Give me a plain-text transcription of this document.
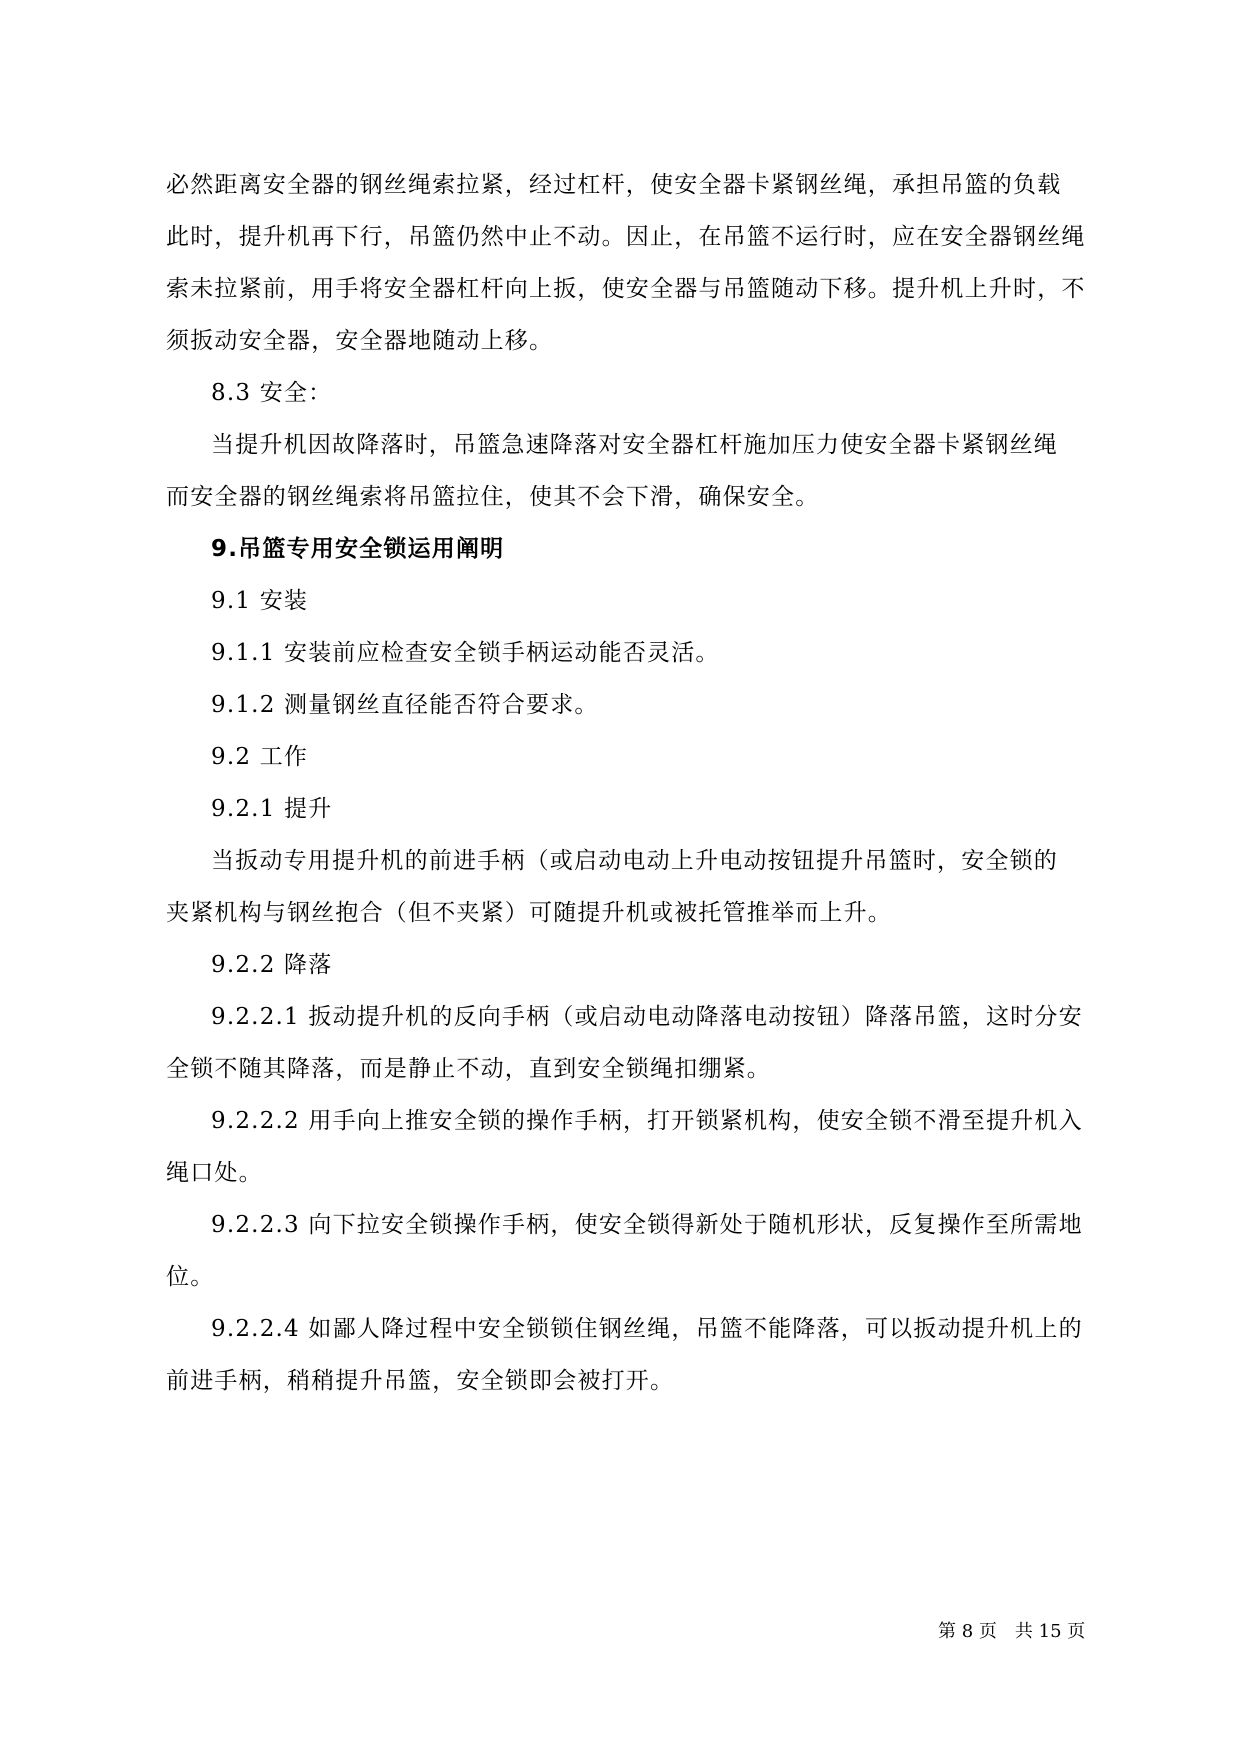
必然距离安全器的钢丝绳索拉紧，经过杠杆，使安全器卡紧钢丝绳，承担吊篮的负载
此时，提升机再下行，吊篮仍然中止不动。因止，在吊篮不运行时，应在安全器钢丝绳
索未拉紧前，用手将安全器杠杆向上扳，使安全器与吊篮随动下移。提升机上升时，不
须扳动安全器，安全器地随动上移。
8.3 安全：
当提升机因故降落时，吊篮急速降落对安全器杠杆施加压力使安全器卡紧钢丝绳
而安全器的钢丝绳索将吊篮拉住，使其不会下滑，确保安全。
9.吊篮专用安全锁运用阐明
9.1 安装
9.1.1 安装前应检查安全锁手柄运动能否灵活。
9.1.2 测量钢丝直径能否符合要求。
9.2 工作
9.2.1 提升
当扳动专用提升机的前进手柄（或启动电动上升电动按钮提升吊篮时，安全锁的
夹紧机构与钢丝抱合（但不夹紧）可随提升机或被托管推举而上升。
9.2.2 降落
9.2.2.1 扳动提升机的反向手柄（或启动电动降落电动按钮）降落吊篮，这时分安
全锁不随其降落，而是静止不动，直到安全锁绳扣绷紧。
9.2.2.2 用手向上推安全锁的操作手柄，打开锁紧机构，使安全锁不滑至提升机入
绳口处。
9.2.2.3 向下拉安全锁操作手柄，使安全锁得新处于随机形状，反复操作至所需地
位。
9.2.2.4 如鄙人降过程中安全锁锁住钢丝绳，吊篮不能降落，可以扳动提升机上的
前进手柄，稍稍提升吊篮，安全锁即会被打开。
第 8 页 共 15 页
